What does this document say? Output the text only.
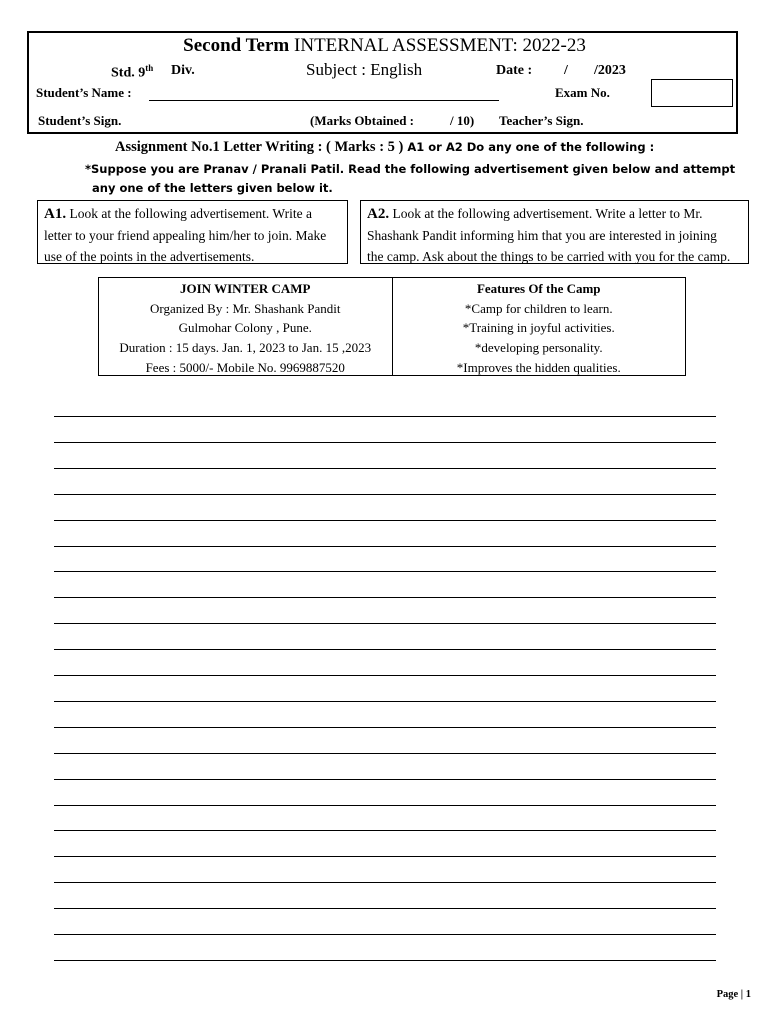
Second Term INTERNAL ASSESSMENT: 2022-23
Std. 9th Div.	Subject : English	Date : / /2023
Student’s Name :	Exam No.
Student’s Sign.	(Marks Obtained :	/ 10) Teacher’s Sign.
Assignment No.1 Letter Writing : ( Marks : 5 ) A1 or A2 Do any one of the following :
*Suppose you are Pranav / Pranali Patil. Read the following advertisement given below and attempt
any one of the letters given below it.
A1. Look at the following advertisement. Write a
letter to your friend appealing him/her to join. Make
use of the points in the advertisements.
A2. Look at the following advertisement. Write a letter to Mr.
Shashank Pandit informing him that you are interested in joining
the camp. Ask about the things to be carried with you for the camp.
JOIN WINTER CAMP
Organized By : Mr. Shashank Pandit
Gulmohar Colony , Pune.
Duration : 15 days. Jan. 1, 2023 to Jan. 15 ,2023
Fees : 5000/- Mobile No. 9969887520
Features Of the Camp
*Camp for children to learn.
*Training in joyful activities.
*developing personality.
*Improves the hidden qualities.
Page | 1
